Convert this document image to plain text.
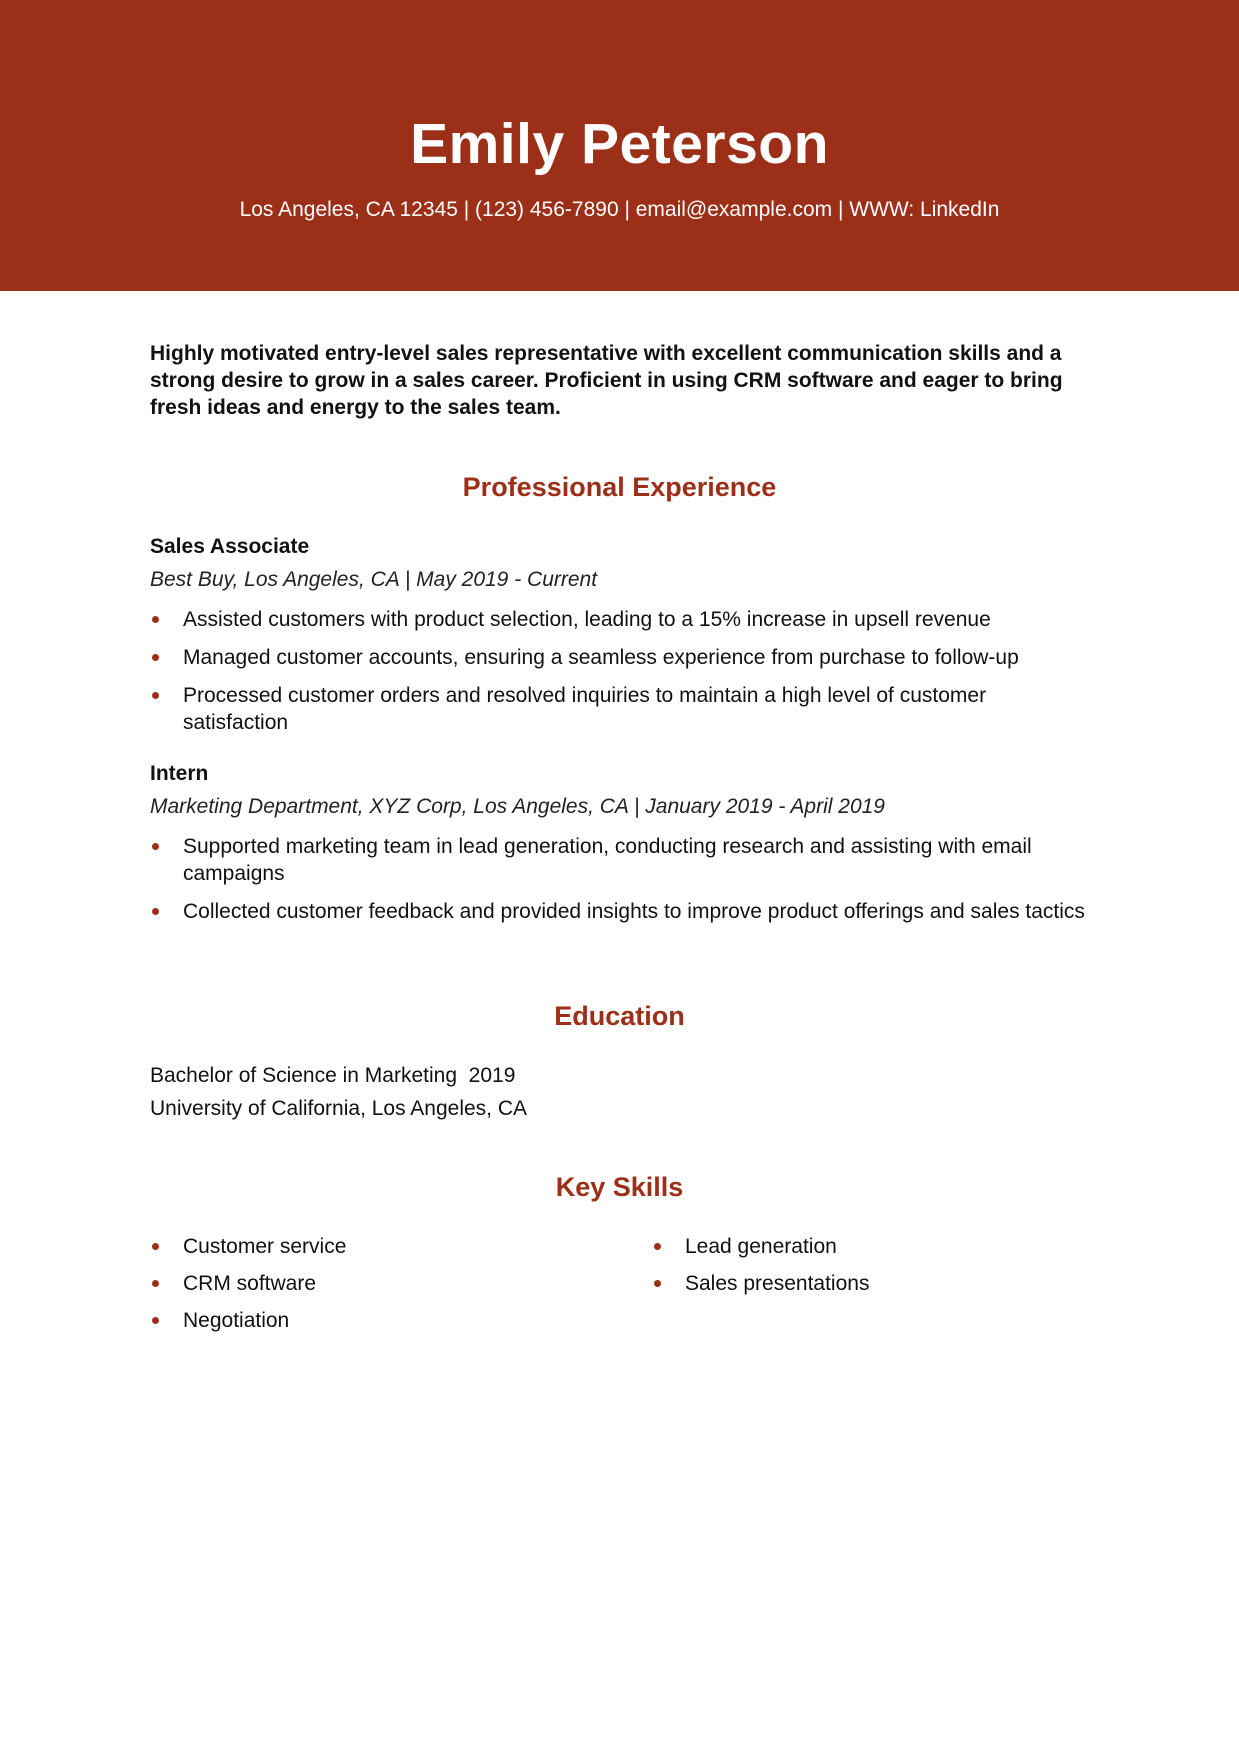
Emily Peterson
Los Angeles, CA 12345 | (123) 456-7890 | email@example.com | WWW: LinkedIn
Highly motivated entry-level sales representative with excellent communication skills and a strong desire to grow in a sales career. Proficient in using CRM software and eager to bring fresh ideas and energy to the sales team.
Professional Experience
Sales Associate
Best Buy, Los Angeles, CA | May 2019 - Current
Assisted customers with product selection, leading to a 15% increase in upsell revenue
Managed customer accounts, ensuring a seamless experience from purchase to follow-up
Processed customer orders and resolved inquiries to maintain a high level of customer satisfaction
Intern
Marketing Department, XYZ Corp, Los Angeles, CA | January 2019 - April 2019
Supported marketing team in lead generation, conducting research and assisting with email campaigns
Collected customer feedback and provided insights to improve product offerings and sales tactics
Education
Bachelor of Science in Marketing  2019
University of California, Los Angeles, CA
Key Skills
Customer service
CRM software
Negotiation
Lead generation
Sales presentations
